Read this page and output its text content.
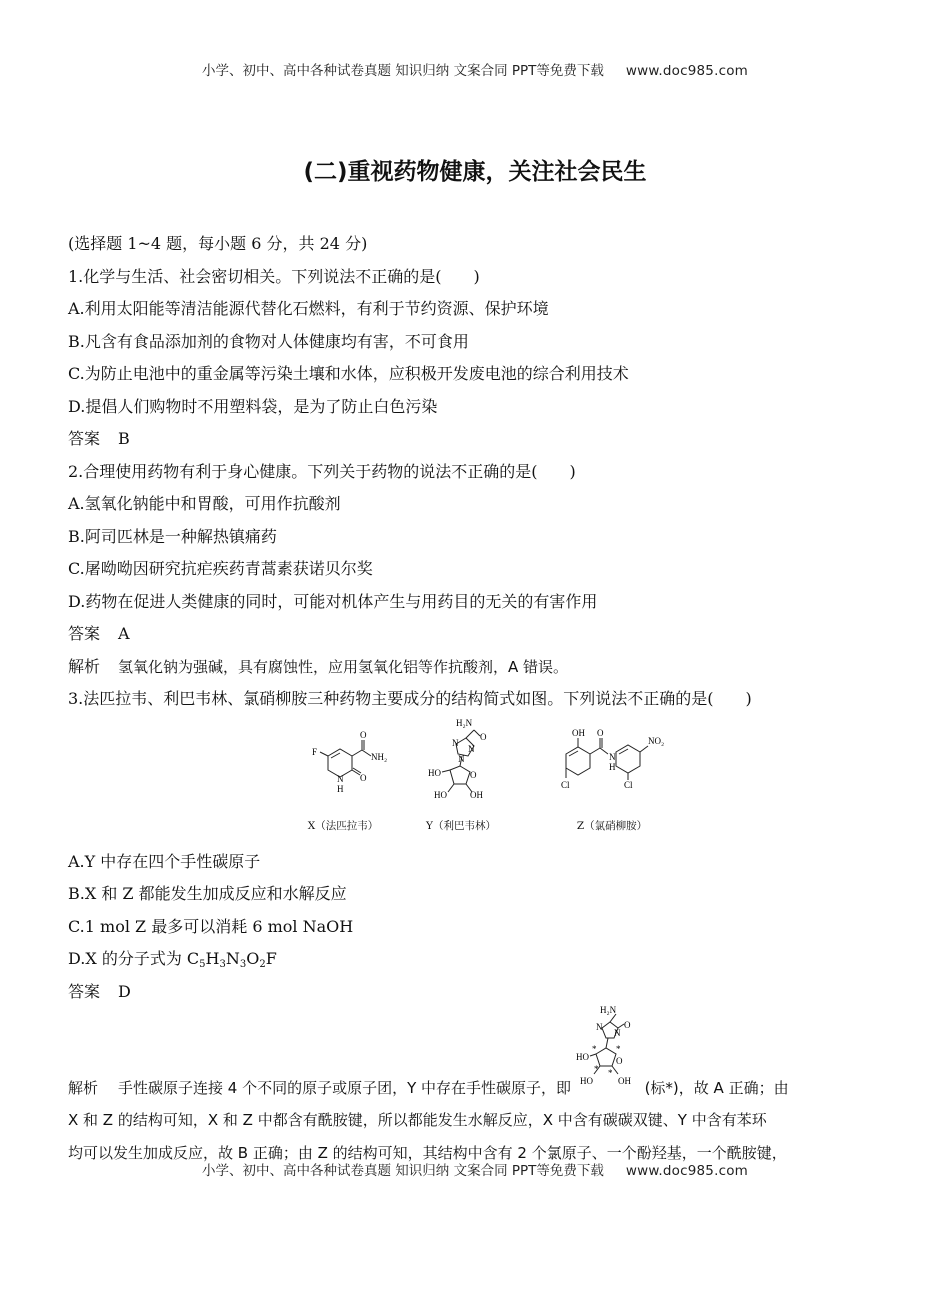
小学、初中、高中各种试卷真题 知识归纳 文案合同 PPT等免费下载 www.doc985.com
(二)重视药物健康，关注社会民生
(选择题 1~4 题，每小题 6 分，共 24 分)
1.化学与生活、社会密切相关。下列说法不正确的是(　　)
A.利用太阳能等清洁能源代替化石燃料，有利于节约资源、保护环境
B.凡含有食品添加剂的食物对人体健康均有害，不可食用
C.为防止电池中的重金属等污染土壤和水体，应积极开发废电池的综合利用技术
D.提倡人们购物时不用塑料袋，是为了防止白色污染
答案 B
2.合理使用药物有利于身心健康。下列关于药物的说法不正确的是(　　)
A.氢氧化钠能中和胃酸，可用作抗酸剂
B.阿司匹林是一种解热镇痛药
C.屠呦呦因研究抗疟疾药青蒿素获诺贝尔奖
D.药物在促进人类健康的同时，可能对机体产生与用药目的无关的有害作用
答案 A
解析 氢氧化钠为强碱，具有腐蚀性，应用氢氧化铝等作抗酸剂，A 错误。
3.法匹拉韦、利巴韦林、氯硝柳胺三种药物主要成分的结构简式如图。下列说法不正确的是(　　)
F
N
H
O
NH₂
O
X（法匹拉韦）
H₂N
O
N
N
N
HO	O
HO	OH
Y（利巴韦林）
OH O
NO₂
N
H
Cl
Cl
Z（氯硝柳胺）
A.Y 中存在四个手性碳原子
B.X 和 Z 都能发生加成反应和水解反应
C.1 mol Z 最多可以消耗 6 mol NaOH
D.X 的分子式为 $C_5H_3N_3O_2F$
答案 D
解析 手性碳原子连接 4 个不同的原子或原子团，Y 中存在手性碳原子，即
H₂N
O
N
N
HO
* *
* *
O
HO	OH (标*)，故 A 正确；由
X 和 Z 的结构可知，X 和 Z 中都含有酰胺键，所以都能发生水解反应，X 中含有碳碳双键、Y 中含有苯环
均可以发生加成反应，故 B 正确；由 Z 的结构可知，其结构中含有 2 个氯原子、一个酚羟基，一个酰胺键，
小学、初中、高中各种试卷真题 知识归纳 文案合同 PPT等免费下载 www.doc985.com
